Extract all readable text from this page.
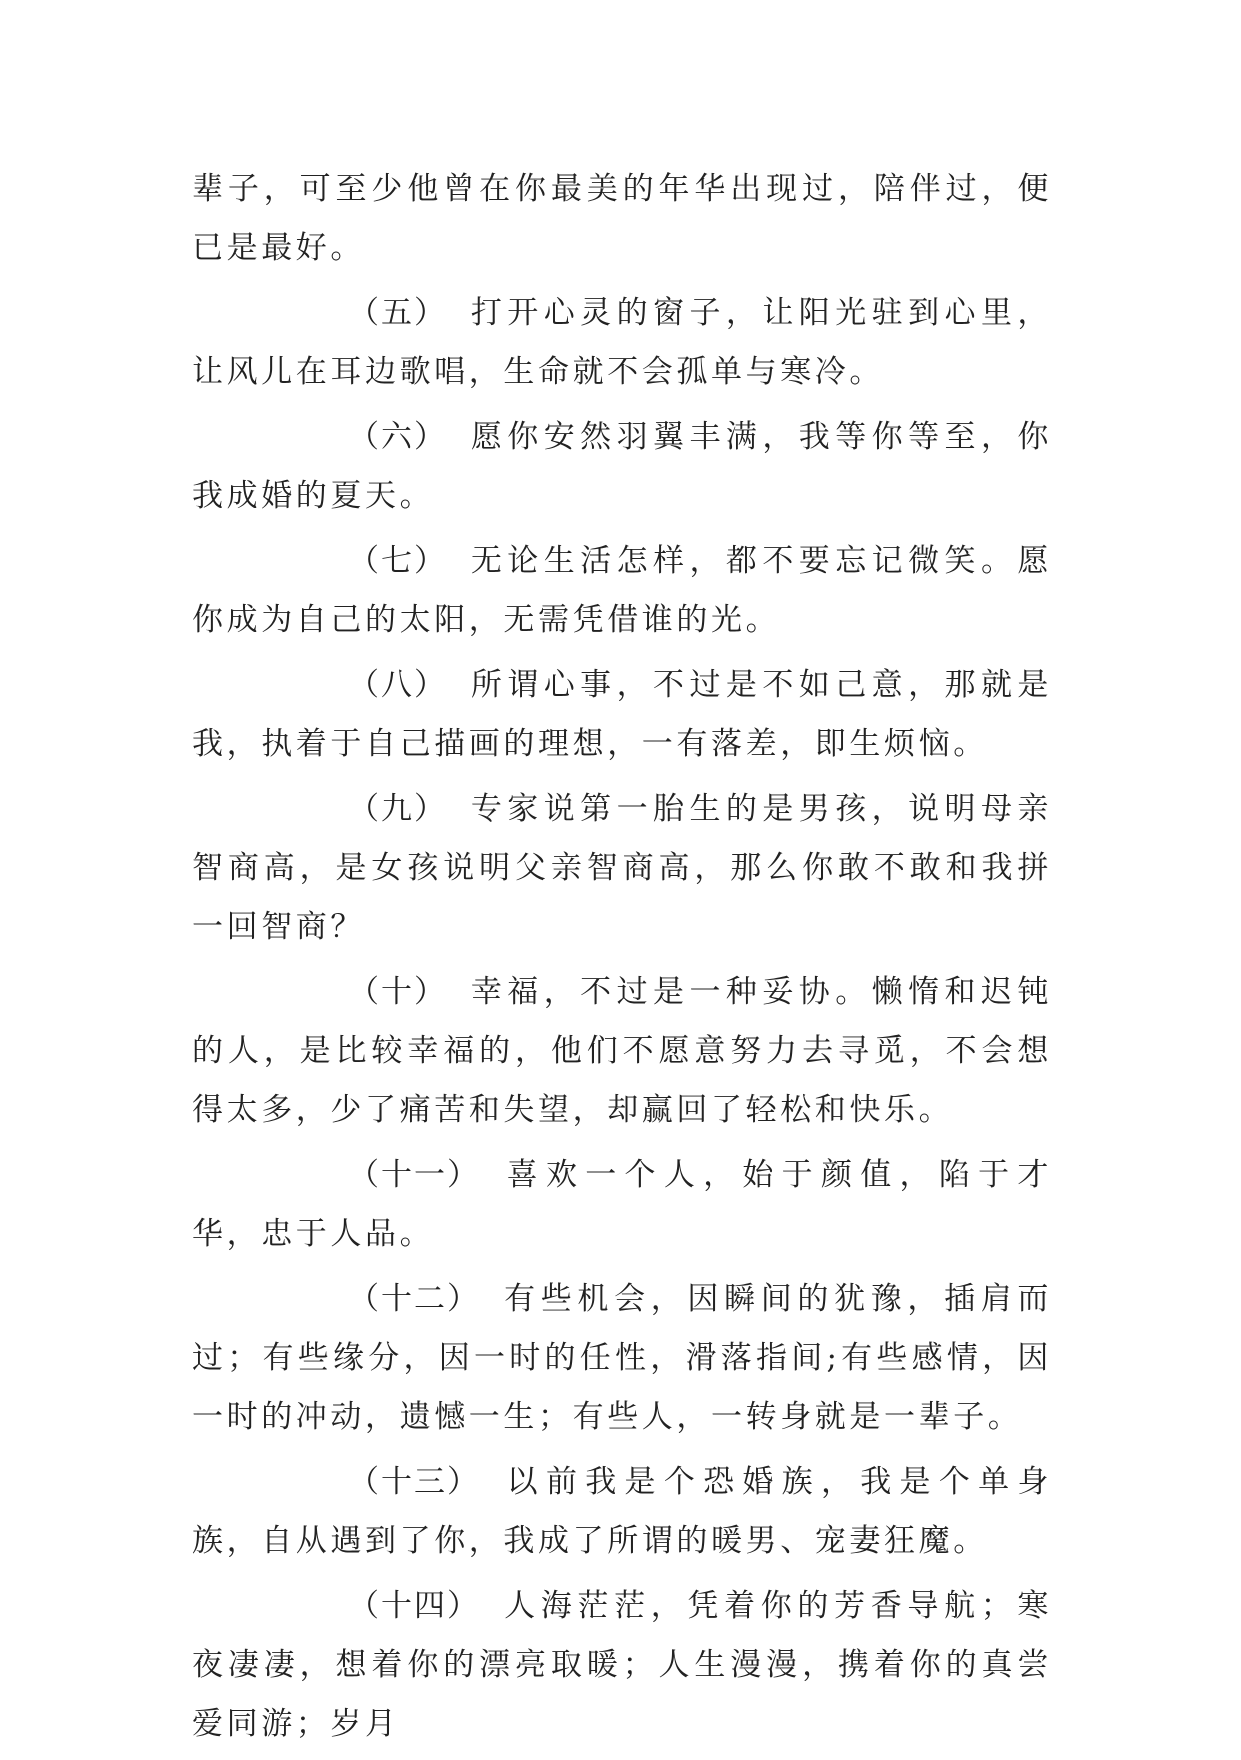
辈子，可至少他曾在你最美的年华出现过，陪伴过，便已是最好。

（五） 打开心灵的窗子，让阳光驻到心里，让风儿在耳边歌唱，生命就不会孤单与寒冷。

（六） 愿你安然羽翼丰满，我等你等至，你我成婚的夏天。

（七） 无论生活怎样，都不要忘记微笑。愿你成为自己的太阳，无需凭借谁的光。

（八） 所谓心事，不过是不如己意，那就是我，执着于自己描画的理想，一有落差，即生烦恼。

（九） 专家说第一胎生的是男孩，说明母亲智商高，是女孩说明父亲智商高，那么你敢不敢和我拼一回智商？

（十） 幸福，不过是一种妥协。懒惰和迟钝的人，是比较幸福的，他们不愿意努力去寻觅，不会想得太多，少了痛苦和失望，却赢回了轻松和快乐。

（十一） 喜欢一个人，始于颜值，陷于才华，忠于人品。

（十二） 有些机会，因瞬间的犹豫，插肩而过；有些缘分，因一时的任性，滑落指间;有些感情，因一时的冲动，遗憾一生；有些人，一转身就是一辈子。

（十三） 以前我是个恐婚族，我是个单身族，自从遇到了你，我成了所谓的暖男、宠妻狂魔。

（十四） 人海茫茫，凭着你的芳香导航；寒夜凄凄，想着你的漂亮取暖；人生漫漫，携着你的真尝爱同游；岁月
